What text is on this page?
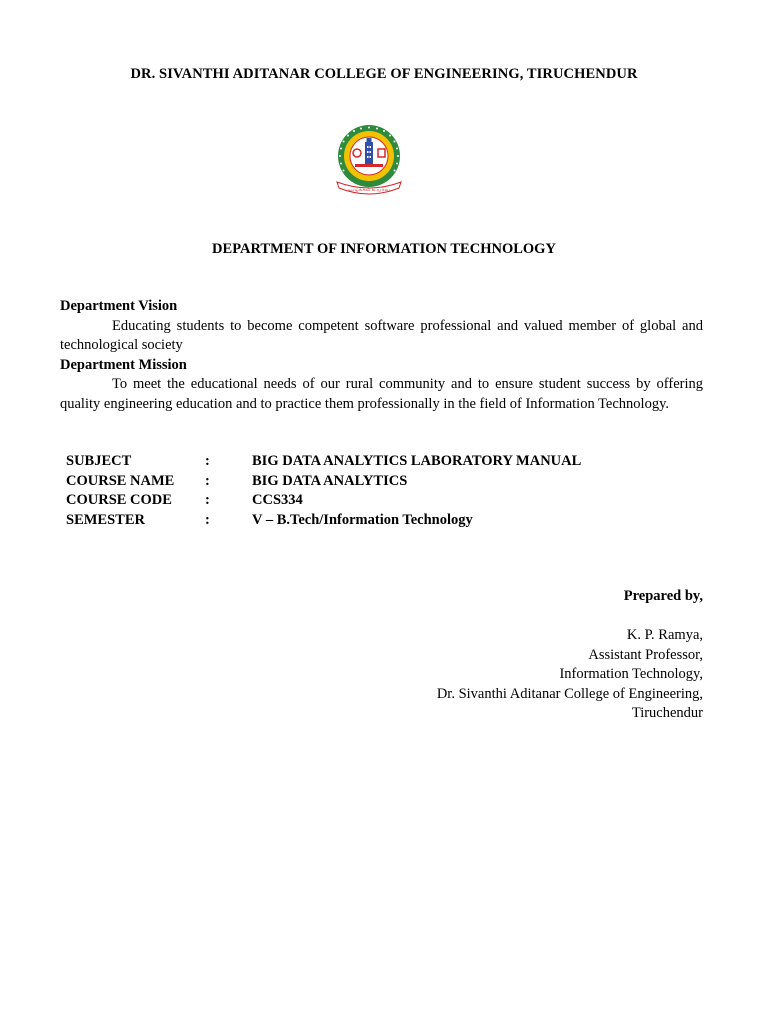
DR. SIVANTHI ADITANAR COLLEGE OF ENGINEERING, TIRUCHENDUR
ஒழுக்கம் உயர்வு
DEPARTMENT OF INFORMATION TECHNOLOGY
Department Vision
Educating students to become competent software professional and valued member of global and technological society
Department Mission
To meet the educational needs of our rural community and to ensure student success by offering quality engineering education and to practice them professionally in the field of Information Technology.
SUBJECT	:	BIG DATA ANALYTICS LABORATORY MANUAL
COURSE NAME	:	BIG DATA ANALYTICS
COURSE CODE	:	CCS334
SEMESTER	:	V – B.Tech/Information Technology
Prepared by,
K. P. Ramya,
Assistant Professor,
Information Technology,
Dr. Sivanthi Aditanar College of Engineering,
Tiruchendur
